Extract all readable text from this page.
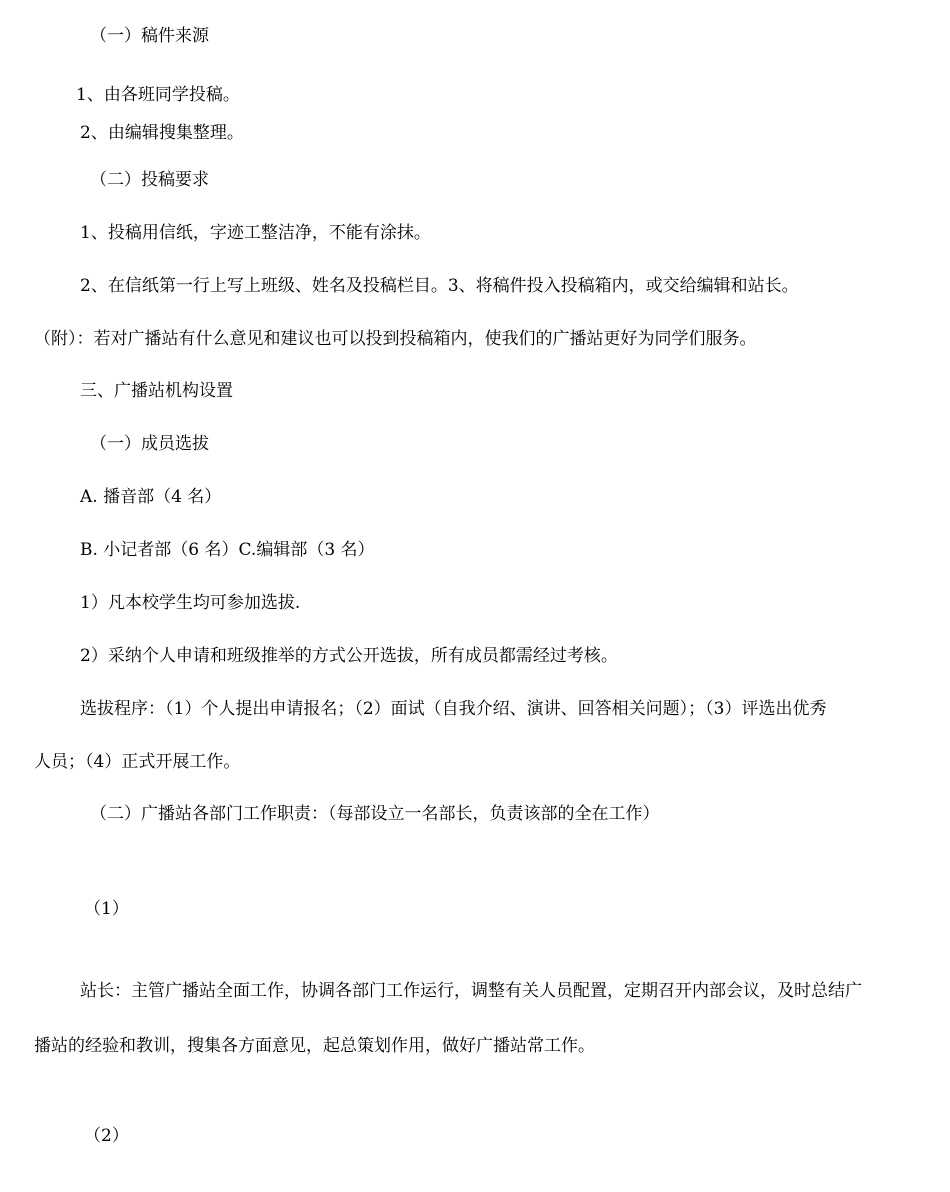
（一）稿件来源
1、由各班同学投稿。
2、由编辑搜集整理。
（二）投稿要求
1、投稿用信纸，字迹工整洁净，不能有涂抹。
2、在信纸第一行上写上班级、姓名及投稿栏目。3、将稿件投入投稿箱内，或交给编辑和站长。
（附）：若对广播站有什么意见和建议也可以投到投稿箱内，使我们的广播站更好为同学们服务。
三、广播站机构设置
（一）成员选拔
A. 播音部（4 名）
B. 小记者部（6 名）C.编辑部（3 名）
1）凡本校学生均可参加选拔.
2）采纳个人申请和班级推举的方式公开选拔，所有成员都需经过考核。
选拔程序：（1）个人提出申请报名；（2）面试（自我介绍、演讲、回答相关问题）；（3）评选出优秀
人员；（4）正式开展工作。
（二）广播站各部门工作职责：（每部设立一名部长，负责该部的全在工作）
（1）
站长：主管广播站全面工作，协调各部门工作运行，调整有关人员配置，定期召开内部会议，及时总结广
播站的经验和教训，搜集各方面意见，起总策划作用，做好广播站常工作。
（2）
